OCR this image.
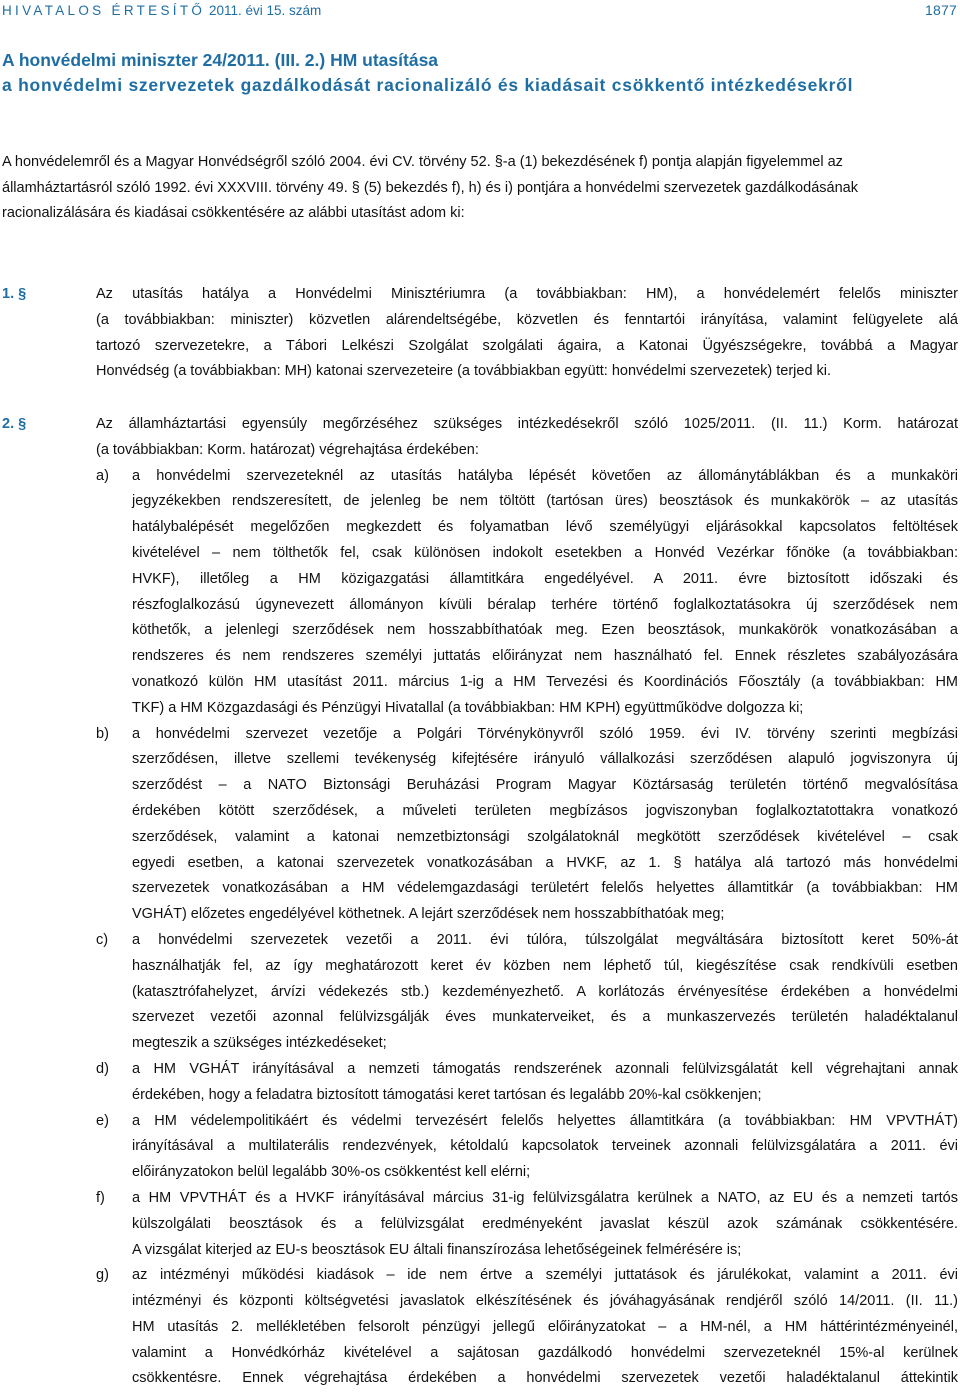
HIVATALOS ÉRTESÍTŐ 2011. évi 15. szám	1877
A honvédelmi miniszter 24/2011. (III. 2.) HM utasítása
a honvédelmi szervezetek gazdálkodását racionalizáló és kiadásait csökkentő intézkedésekről
A honvédelemről és a Magyar Honvédségről szóló 2004. évi CV. törvény 52. §-a (1) bekezdésének f) pontja alapján figyelemmel az
államháztartásról szóló 1992. évi XXXVIII. törvény 49. § (5) bekezdés f), h) és i) pontjára a honvédelmi szervezetek gazdálkodásának
racionalizálására és kiadásai csökkentésére az alábbi utasítást adom ki:
1. §	Az utasítás hatálya a Honvédelmi Minisztériumra (a továbbiakban: HM), a honvédelemért felelős miniszter
(a továbbiakban: miniszter) közvetlen alárendeltségébe, közvetlen és fenntartói irányítása, valamint felügyelete alá
tartozó szervezetekre, a Tábori Lelkészi Szolgálat szolgálati ágaira, a Katonai Ügyészségekre, továbbá a Magyar
Honvédség (a továbbiakban: MH) katonai szervezeteire (a továbbiakban együtt: honvédelmi szervezetek) terjed ki.
2. §	Az államháztartási egyensúly megőrzéséhez szükséges intézkedésekről szóló 1025/2011. (II. 11.) Korm. határozat
(a továbbiakban: Korm. határozat) végrehajtása érdekében:
a) a honvédelmi szervezeteknél az utasítás hatályba lépését követően az állománytáblákban és a munkaköri
jegyzékekben rendszeresített, de jelenleg be nem töltött (tartósan üres) beosztások és munkakörök – az utasítás
hatálybalépését megelőzően megkezdett és folyamatban lévő személyügyi eljárásokkal kapcsolatos feltöltések
kivételével – nem tölthetők fel, csak különösen indokolt esetekben a Honvéd Vezérkar főnöke (a továbbiakban:
HVKF), illetőleg a HM közigazgatási államtitkára engedélyével. A 2011. évre biztosított időszaki és
részfoglalkozású úgynevezett állományon kívüli béralap terhére történő foglalkoztatásokra új szerződések nem
köthetők, a jelenlegi szerződések nem hosszabbíthatóak meg. Ezen beosztások, munkakörök vonatkozásában a
rendszeres és nem rendszeres személyi juttatás előirányzat nem használható fel. Ennek részletes szabályozására
vonatkozó külön HM utasítást 2011. március 1-ig a HM Tervezési és Koordinációs Főosztály (a továbbiakban: HM
TKF) a HM Közgazdasági és Pénzügyi Hivatallal (a továbbiakban: HM KPH) együttműködve dolgozza ki;
b) a honvédelmi szervezet vezetője a Polgári Törvénykönyvről szóló 1959. évi IV. törvény szerinti megbízási
szerződésen, illetve szellemi tevékenység kifejtésére irányuló vállalkozási szerződésen alapuló jogviszonyra új
szerződést – a NATO Biztonsági Beruházási Program Magyar Köztársaság területén történő megvalósítása
érdekében kötött szerződések, a műveleti területen megbízásos jogviszonyban foglalkoztatottakra vonatkozó
szerződések, valamint a katonai nemzetbiztonsági szolgálatoknál megkötött szerződések kivételével – csak
egyedi esetben, a katonai szervezetek vonatkozásában a HVKF, az 1. § hatálya alá tartozó más honvédelmi
szervezetek vonatkozásában a HM védelemgazdasági területért felelős helyettes államtitkár (a továbbiakban: HM
VGHÁT) előzetes engedélyével köthetnek. A lejárt szerződések nem hosszabbíthatóak meg;
c) a honvédelmi szervezetek vezetői a 2011. évi túlóra, túlszolgálat megváltására biztosított keret 50%-át
használhatják fel, az így meghatározott keret év közben nem léphető túl, kiegészítése csak rendkívüli esetben
(katasztrófahelyzet, árvízi védekezés stb.) kezdeményezhető. A korlátozás érvényesítése érdekében a honvédelmi
szervezet vezetői azonnal felülvizsgálják éves munkaterveiket, és a munkaszervezés területén haladéktalanul
megteszik a szükséges intézkedéseket;
d) a HM VGHÁT irányításával a nemzeti támogatás rendszerének azonnali felülvizsgálatát kell végrehajtani annak
érdekében, hogy a feladatra biztosított támogatási keret tartósan és legalább 20%-kal csökkenjen;
e) a HM védelempolitikáért és védelmi tervezésért felelős helyettes államtitkára (a továbbiakban: HM VPVTHÁT)
irányításával a multilaterális rendezvények, kétoldalú kapcsolatok terveinek azonnali felülvizsgálatára a 2011. évi
előirányzatokon belül legalább 30%-os csökkentést kell elérni;
f) a HM VPVTHÁT és a HVKF irányításával március 31-ig felülvizsgálatra kerülnek a NATO, az EU és a nemzeti tartós
külszolgálati beosztások és a felülvizsgálat eredményeként javaslat készül azok számának csökkentésére.
A vizsgálat kiterjed az EU-s beosztások EU általi finanszírozása lehetőségeinek felmérésére is;
g) az intézményi működési kiadások – ide nem értve a személyi juttatások és járulékokat, valamint a 2011. évi
intézményi és központi költségvetési javaslatok elkészítésének és jóváhagyásának rendjéről szóló 14/2011. (II. 11.)
HM utasítás 2. mellékletében felsorolt pénzügyi jellegű előirányzatokat – a HM-nél, a HM háttérintézményeinél,
valamint a Honvédkórház kivételével a sajátosan gazdálkodó honvédelmi szervezeteknél 15%-al kerülnek
csökkentésre. Ennek végrehajtása érdekében a honvédelmi szervezetek vezetői haladéktalanul áttekintik
